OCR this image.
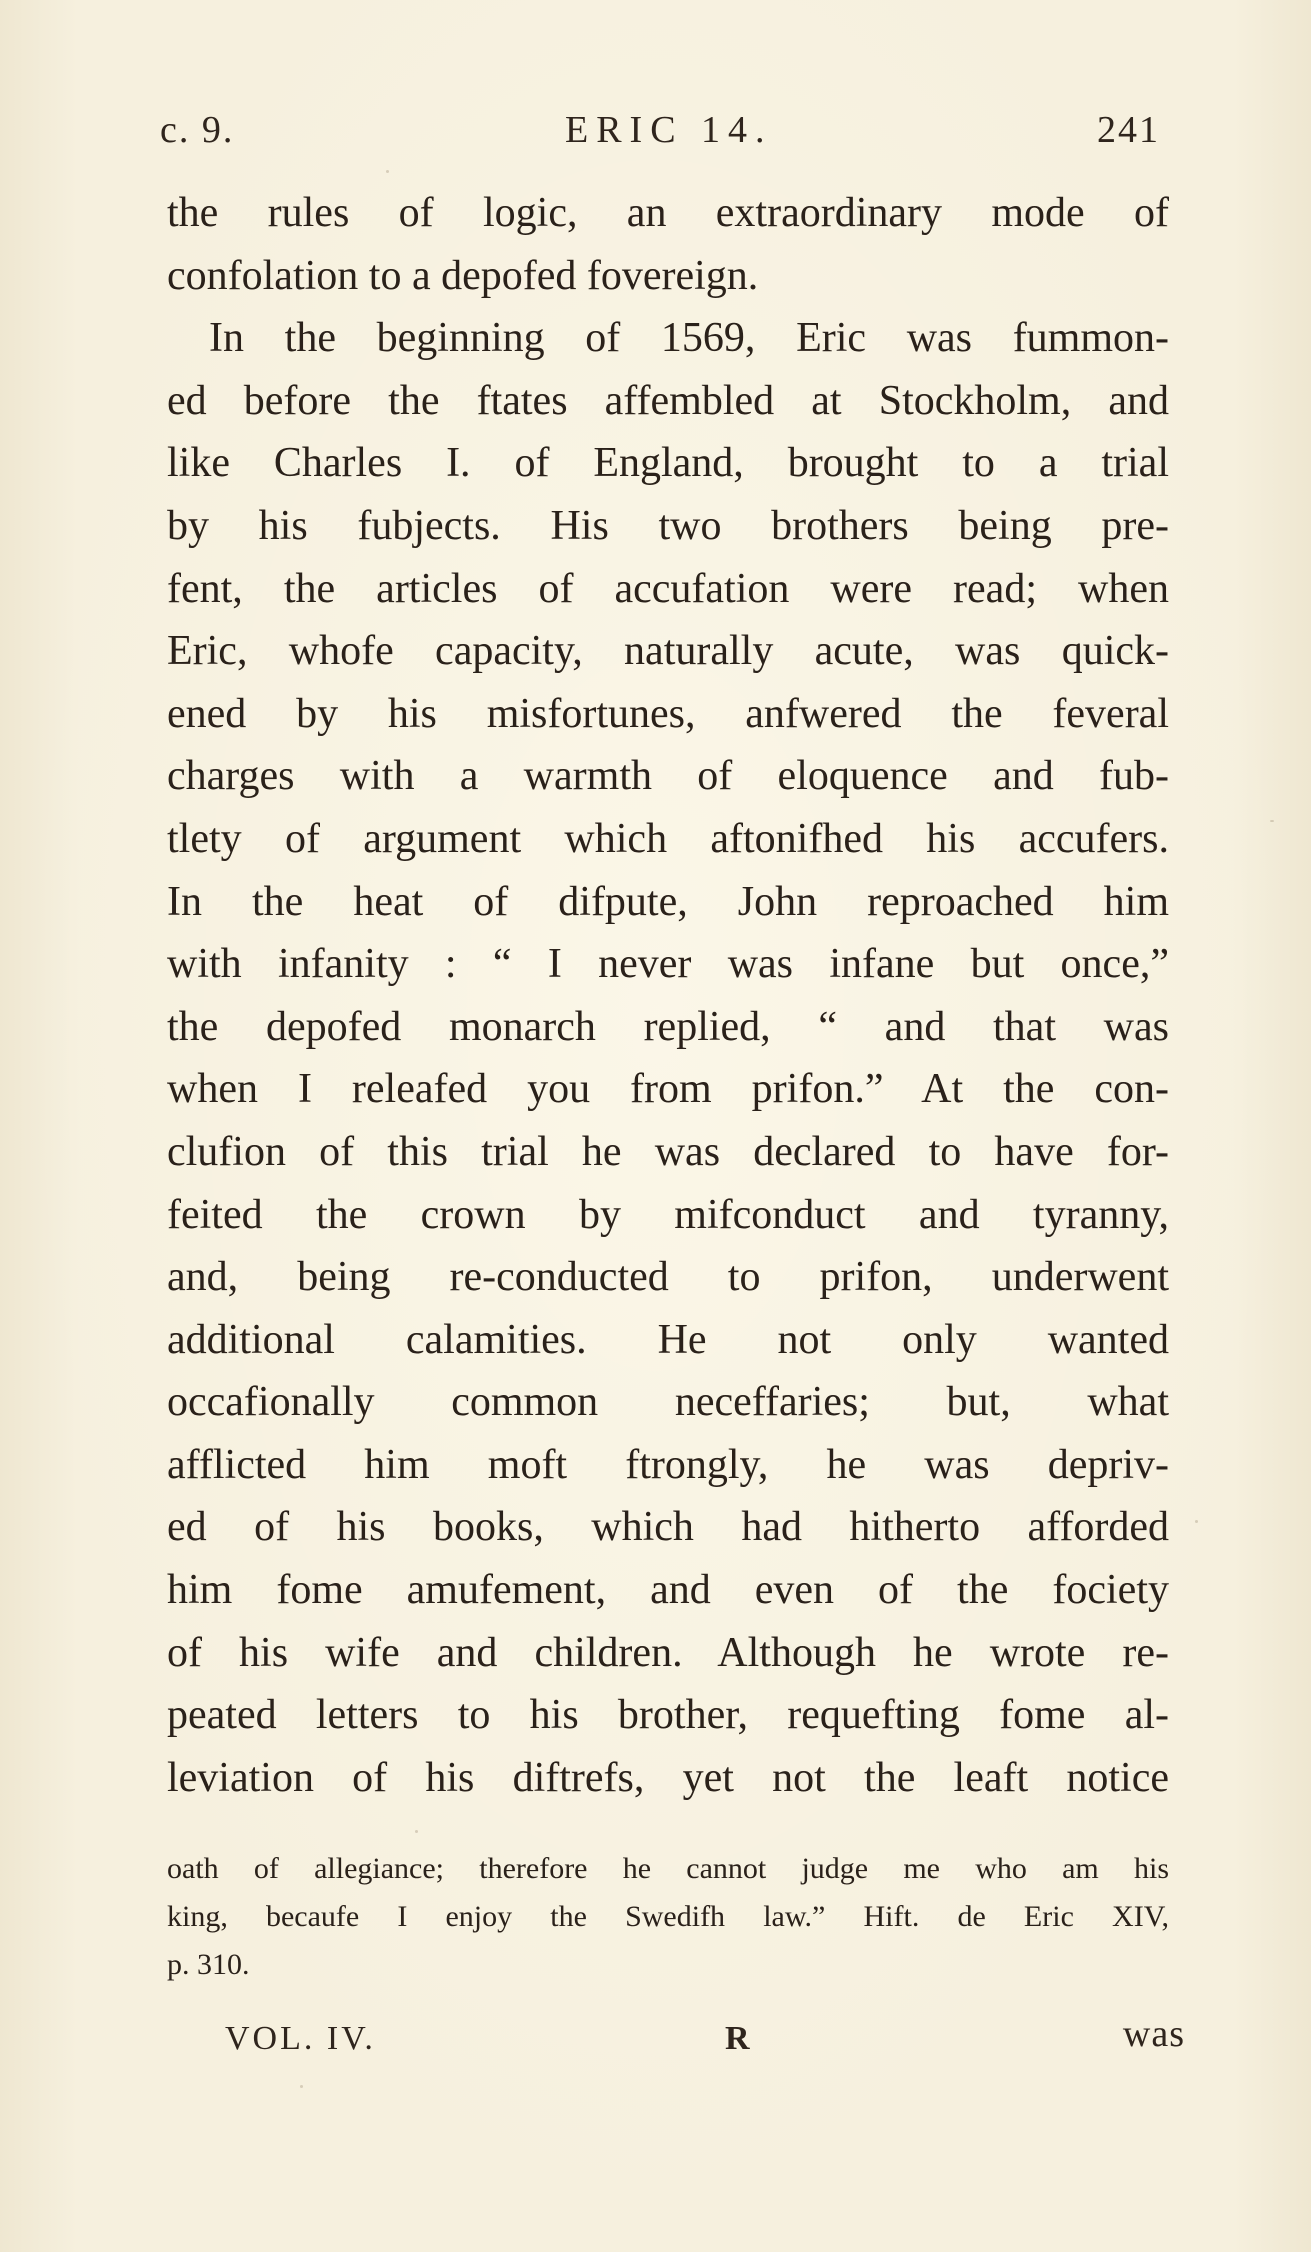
c. 9.	ERIC 14.	241
the rules of logic, an extraordinary mode of
confolation to a depofed fovereign.
In the beginning of 1569, Eric was fummon-
ed before the ftates affembled at Stockholm, and
like Charles I. of England, brought to a trial
by his fubjects. His two brothers being pre-
fent, the articles of accufation were read; when
Eric, whofe capacity, naturally acute, was quick-
ened by his misfortunes, anfwered the feveral
charges with a warmth of eloquence and fub-
tlety of argument which aftonifhed his accufers.
In the heat of difpute, John reproached him
with infanity : “ I never was infane but once,”
the depofed monarch replied, “ and that was
when I releafed you from prifon.” At the con-
clufion of this trial he was declared to have for-
feited the crown by mifconduct and tyranny,
and, being re-conducted to prifon, underwent
additional calamities. He not only wanted
occafionally common neceffaries; but, what
afflicted him moft ftrongly, he was depriv-
ed of his books, which had hitherto afforded
him fome amufement, and even of the fociety
of his wife and children. Although he wrote re-
peated letters to his brother, requefting fome al-
leviation of his diftrefs, yet not the leaft notice
oath of allegiance; therefore he cannot judge me who am his
king, becaufe I enjoy the Swedifh law.” Hift. de Eric XIV,
p. 310.
VOL. IV.	R	was
